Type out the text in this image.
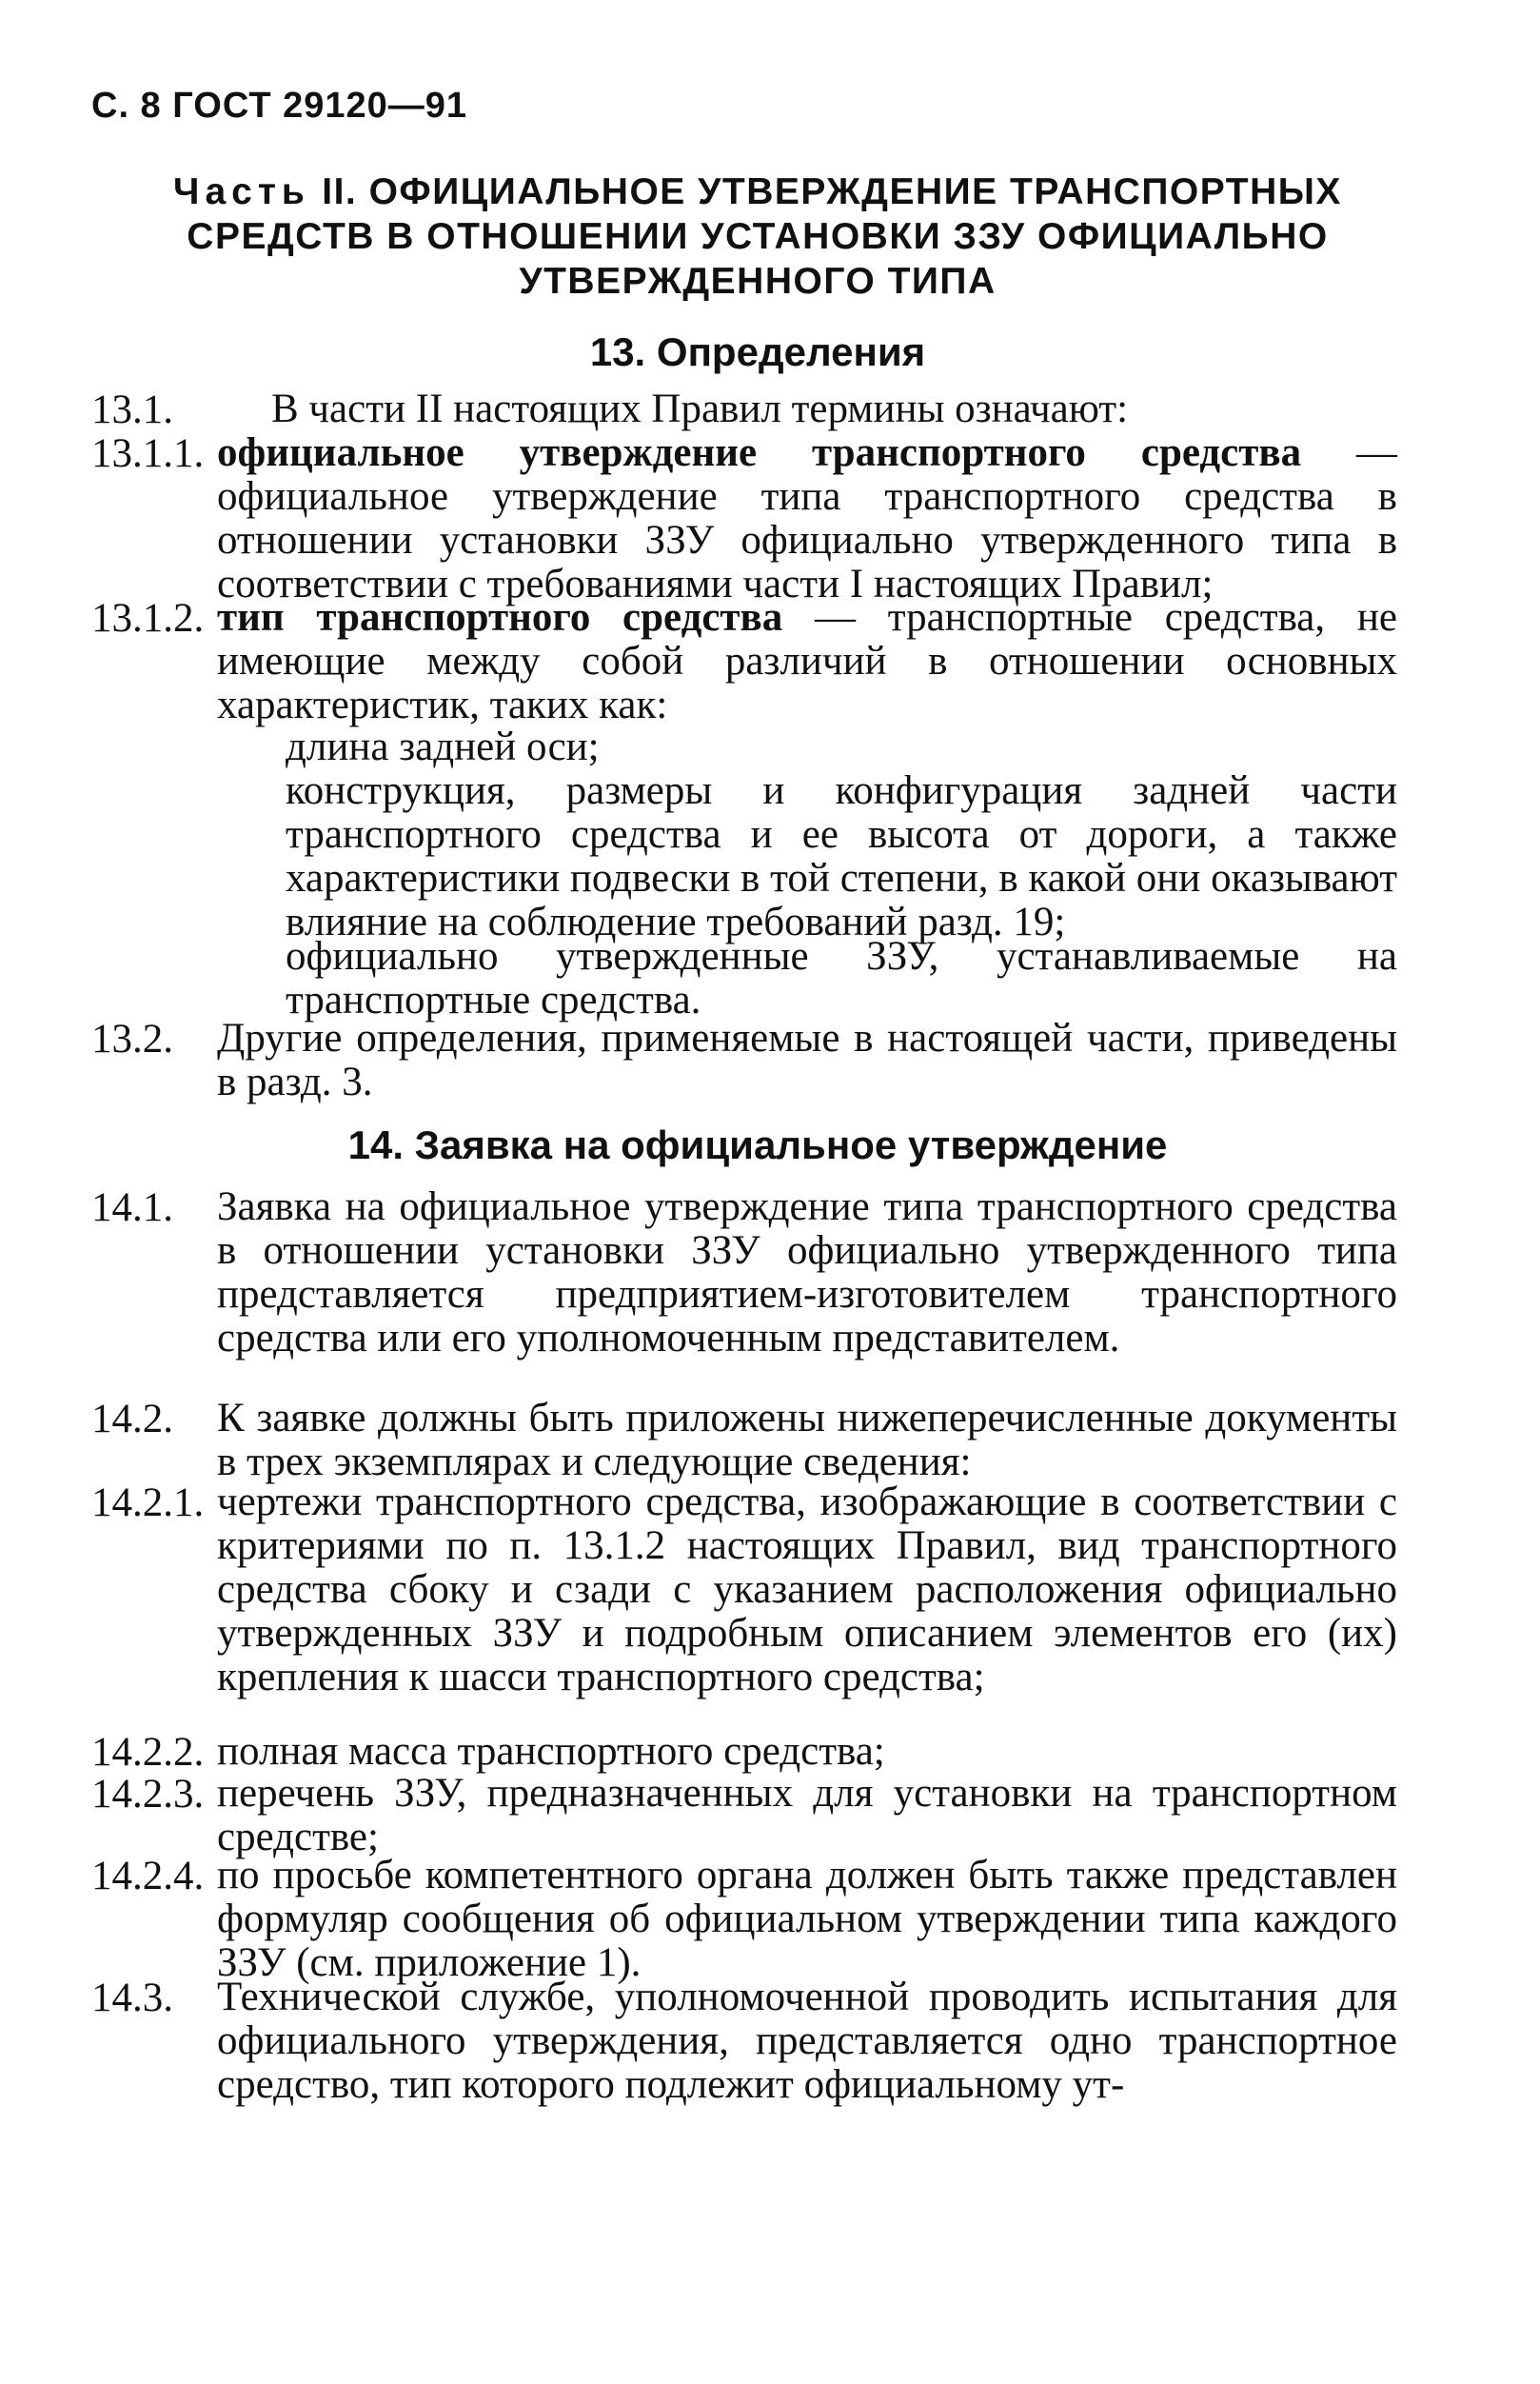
С. 8 ГОСТ 29120—91
Часть II. ОФИЦИАЛЬНОЕ УТВЕРЖДЕНИЕ ТРАНСПОРТНЫХ СРЕДСТВ В ОТНОШЕНИИ УСТАНОВКИ ЗЗУ ОФИЦИАЛЬНО УТВЕРЖДЕННОГО ТИПА
13. Определения
13.1. В части II настоящих Правил термины означают:
13.1.1. официальное утверждение транспортного средства — официальное утверждение типа транспортного средства в отношении установки ЗЗУ официально утвержденного типа в соответствии с требованиями части I настоящих Правил;
13.1.2. тип транспортного средства — транспортные средства, не имеющие между собой различий в отношении основных характеристик, таких как:
длина задней оси;
конструкция, размеры и конфигурация задней части транспортного средства и ее высота от дороги, а также характеристики подвески в той степени, в какой они оказывают влияние на соблюдение требований разд. 19;
официально утвержденные ЗЗУ, устанавливаемые на транспортные средства.
13.2. Другие определения, применяемые в настоящей части, приведены в разд. 3.
14. Заявка на официальное утверждение
14.1. Заявка на официальное утверждение типа транспортного средства в отношении установки ЗЗУ официально утвержденного типа представляется предприятием-изготовителем транспортного средства или его уполномоченным представителем.
14.2. К заявке должны быть приложены нижеперечисленные документы в трех экземплярах и следующие сведения:
14.2.1. чертежи транспортного средства, изображающие в соответствии с критериями по п. 13.1.2 настоящих Правил, вид транспортного средства сбоку и сзади с указанием расположения официально утвержденных ЗЗУ и подробным описанием элементов его (их) крепления к шасси транспортного средства;
14.2.2. полная масса транспортного средства;
14.2.3. перечень ЗЗУ, предназначенных для установки на транспортном средстве;
14.2.4. по просьбе компетентного органа должен быть также представлен формуляр сообщения об официальном утверждении типа каждого ЗЗУ (см. приложение 1).
14.3. Технической службе, уполномоченной проводить испытания для официального утверждения, представляется одно транспортное средство, тип которого подлежит официальному ут-
